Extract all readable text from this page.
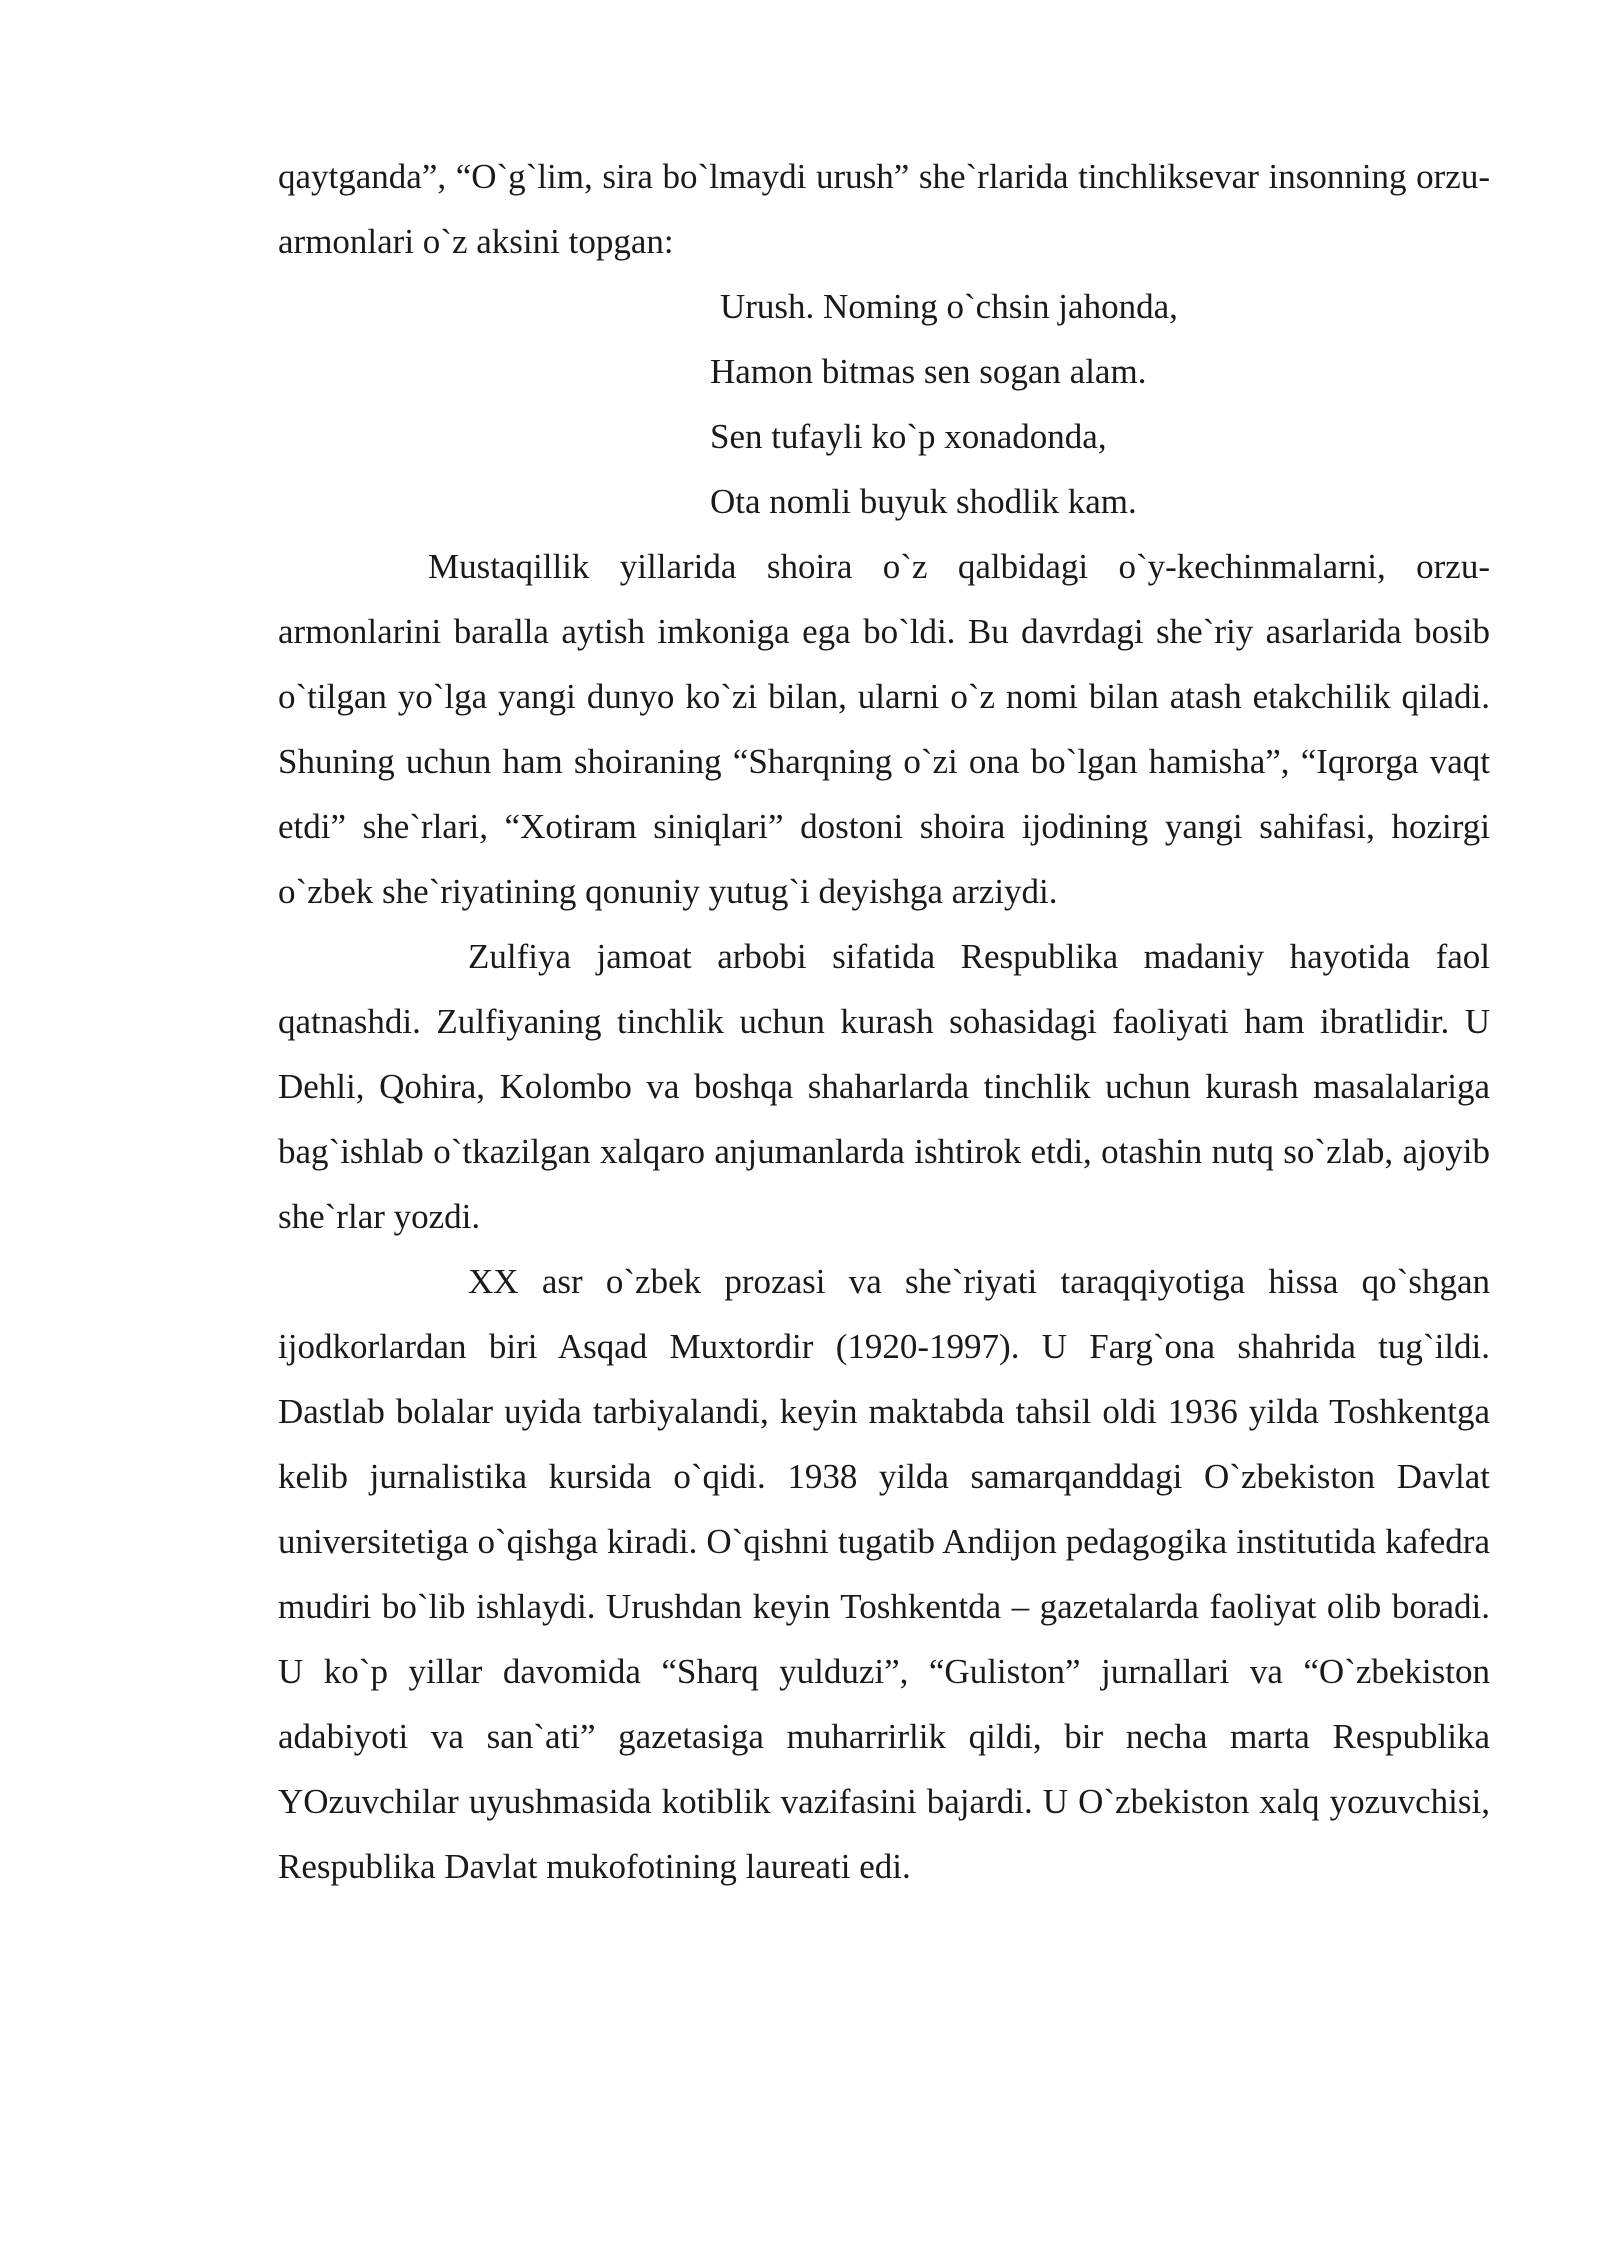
qaytganda”, “O`g`lim, sira bo`lmaydi urush” she`rlarida tinchliksevar insonning orzu-armonlari o`z aksini topgan:

Urush. Noming o`chsin jahonda,
Hamon bitmas sen sogan alam.
Sen tufayli ko`p xonadonda,
Ota nomli buyuk shodlik kam.

Mustaqillik yillarida shoira o`z qalbidagi o`y-kechinmalarni, orzu-armonlarini baralla aytish imkoniga ega bo`ldi. Bu davrdagi she`riy asarlarida bosib o`tilgan yo`lga yangi dunyo ko`zi bilan, ularni o`z nomi bilan atash etakchilik qiladi. Shuning uchun ham shoiraning “Sharqning o`zi ona bo`lgan hamisha”, “Iqrorga vaqt etdi” she`rlari, “Xotiram siniqlari” dostoni shoira ijodining yangi sahifasi, hozirgi o`zbek she`riyatining qonuniy yutug`i deyishga arziydi.

Zulfiya jamoat arbobi sifatida Respublika madaniy hayotida faol qatnashdi. Zulfiyaning tinchlik uchun kurash sohasidagi faoliyati ham ibratlidir. U Dehli, Qohira, Kolombo va boshqa shaharlarda tinchlik uchun kurash masalalariga bag`ishlab o`tkazilgan xalqaro anjumanlarda ishtirok etdi, otashin nutq so`zlab, ajoyib she`rlar yozdi.

XX asr o`zbek prozasi va she`riyati taraqqiyotiga hissa qo`shgan ijodkorlardan biri Asqad Muxtordir (1920-1997). U Farg`ona shahrida tug`ildi. Dastlab bolalar uyida tarbiyalandi, keyin maktabda tahsil oldi 1936 yilda Toshkentga kelib jurnalistika kursida o`qidi. 1938 yilda samarqanddagi O`zbekiston Davlat universitetiga o`qishga kiradi. O`qishni tugatib Andijon pedagogika institutida kafedra mudiri bo`lib ishlaydi. Urushdan keyin Toshkentda – gazetalarda faoliyat olib boradi. U ko`p yillar davomida “Sharq yulduzi”, “Guliston” jurnallari va “O`zbekiston adabiyoti va san`ati” gazetasiga muharrirlik qildi, bir necha marta Respublika YOzuvchilar uyushmasida kotiblik vazifasini bajardi. U O`zbekiston xalq yozuvchisi, Respublika Davlat mukofotining laureati edi.
